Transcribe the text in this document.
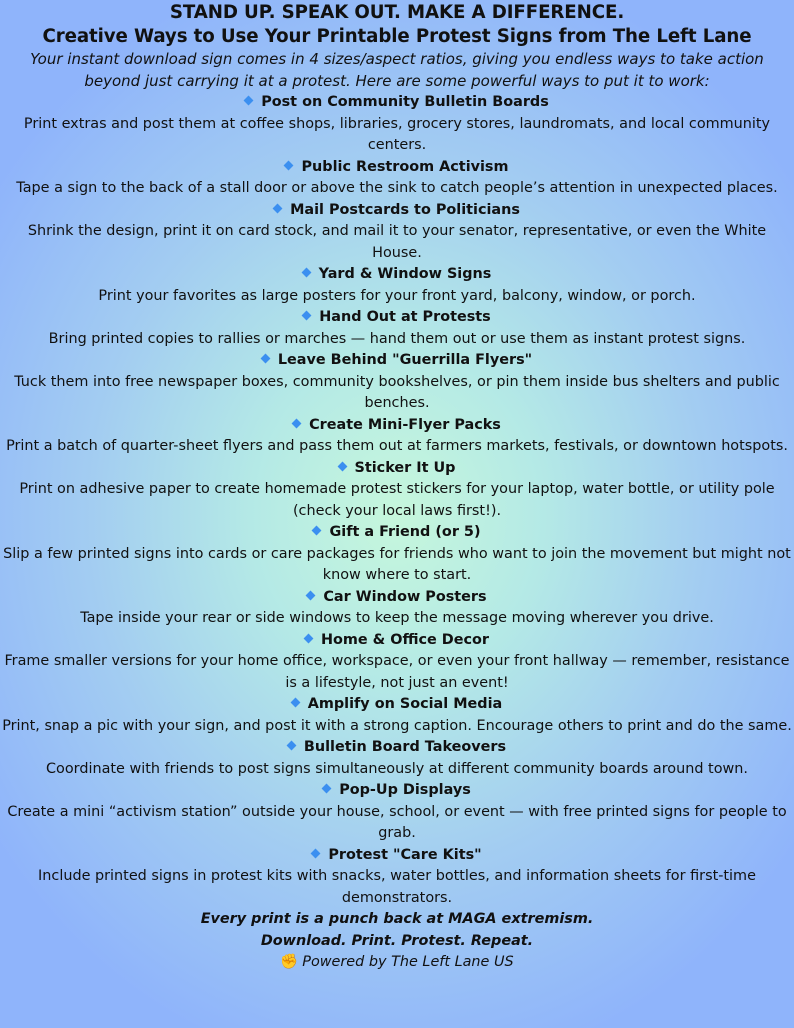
STAND UP. SPEAK OUT. MAKE A DIFFERENCE.
Creative Ways to Use Your Printable Protest Signs from The Left Lane
Your instant download sign comes in 4 sizes/aspect ratios, giving you endless ways to take action beyond just carrying it at a protest. Here are some powerful ways to put it to work:
Post on Community Bulletin Boards
Print extras and post them at coffee shops, libraries, grocery stores, laundromats, and local community centers.
Public Restroom Activism
Tape a sign to the back of a stall door or above the sink to catch people’s attention in unexpected places.
Mail Postcards to Politicians
Shrink the design, print it on card stock, and mail it to your senator, representative, or even the White House.
Yard & Window Signs
Print your favorites as large posters for your front yard, balcony, window, or porch.
Hand Out at Protests
Bring printed copies to rallies or marches — hand them out or use them as instant protest signs.
Leave Behind "Guerrilla Flyers"
Tuck them into free newspaper boxes, community bookshelves, or pin them inside bus shelters and public benches.
Create Mini-Flyer Packs
Print a batch of quarter-sheet flyers and pass them out at farmers markets, festivals, or downtown hotspots.
Sticker It Up
Print on adhesive paper to create homemade protest stickers for your laptop, water bottle, or utility pole (check your local laws first!).
Gift a Friend (or 5)
Slip a few printed signs into cards or care packages for friends who want to join the movement but might not know where to start.
Car Window Posters
Tape inside your rear or side windows to keep the message moving wherever you drive.
Home & Office Decor
Frame smaller versions for your home office, workspace, or even your front hallway — remember, resistance is a lifestyle, not just an event!
Amplify on Social Media
Print, snap a pic with your sign, and post it with a strong caption. Encourage others to print and do the same.
Bulletin Board Takeovers
Coordinate with friends to post signs simultaneously at different community boards around town.
Pop-Up Displays
Create a mini “activism station” outside your house, school, or event — with free printed signs for people to grab.
Protest "Care Kits"
Include printed signs in protest kits with snacks, water bottles, and information sheets for first-time demonstrators.
Every print is a punch back at MAGA extremism.
Download. Print. Protest. Repeat.
✊ Powered by The Left Lane US
